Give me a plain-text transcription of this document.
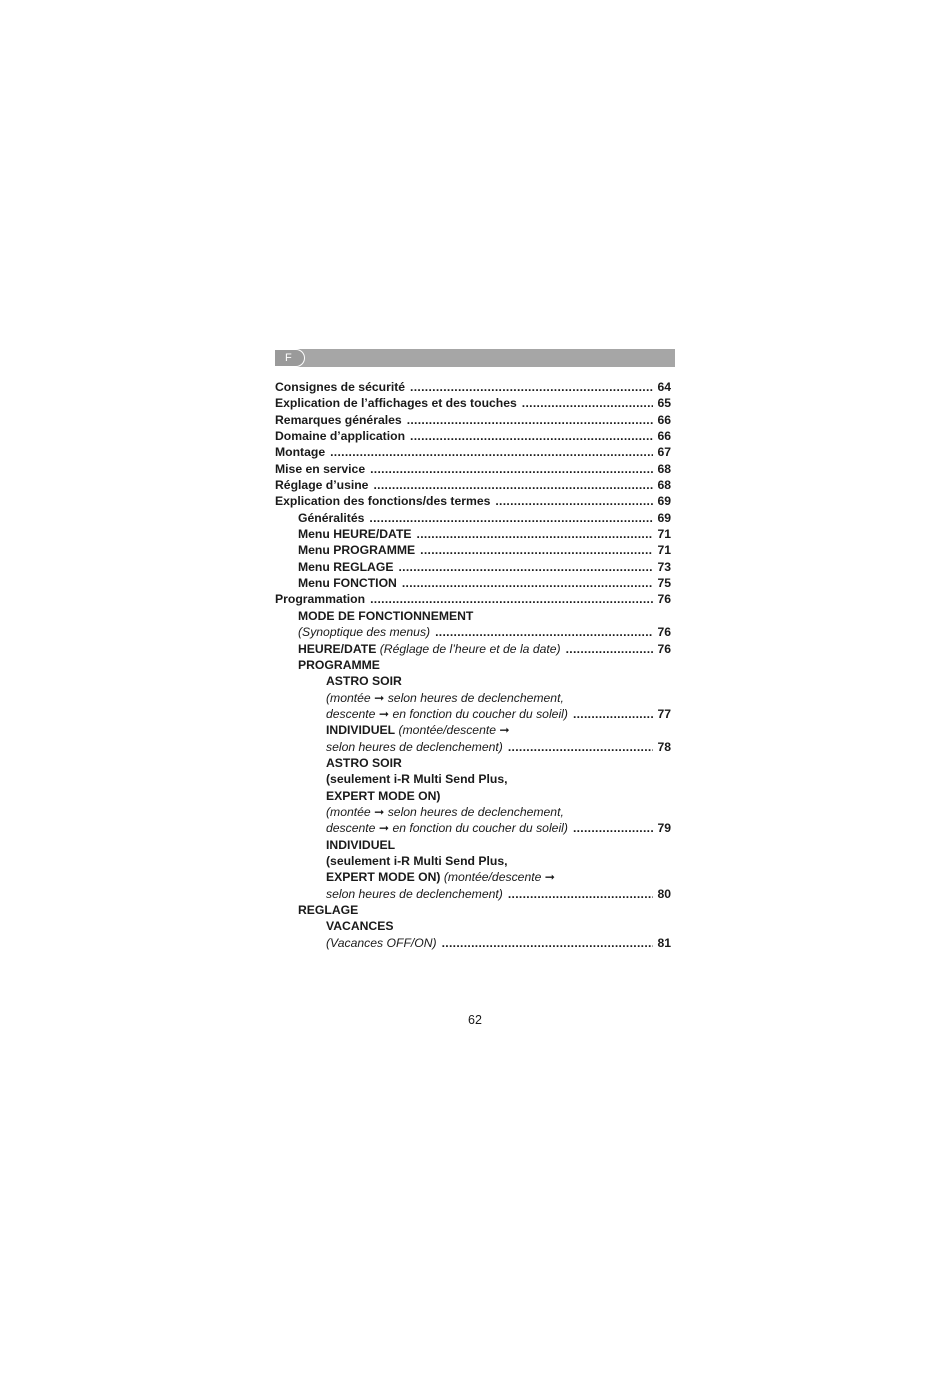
F
Consignes de sécurité .....	64
Explication de l’affichages et des touches .....	65
Remarques générales .....	66
Domaine d’application .....	66
Montage .....	67
Mise en service .....	68
Réglage d’usine .....	68
Explication des fonctions/des termes .....	69
Généralités .....	69
Menu HEURE/DATE .....	71
Menu PROGRAMME .....	71
Menu REGLAGE .....	73
Menu FONCTION .....	75
Programmation .....	76
MODE DE FONCTIONNEMENT
(Synoptique des menus) .....	76
HEURE/DATE (Réglage de l’heure et de la date) .....	76
PROGRAMME
ASTRO SOIR
(montée ➞ selon heures de declenchement,
descente ➞ en fonction du coucher du soleil) .....	77
INDIVIDUEL (montée/descente ➞
selon heures de declenchement) .....	78
ASTRO SOIR
(seulement i-R Multi Send Plus,
EXPERT MODE ON)
(montée ➞ selon heures de declenchement,
descente ➞ en fonction du coucher du soleil) .....	79
INDIVIDUEL
(seulement i-R Multi Send Plus,
EXPERT MODE ON) (montée/descente ➞
selon heures de declenchement) .....	80
REGLAGE
VACANCES
(Vacances OFF/ON) .....	81
62
